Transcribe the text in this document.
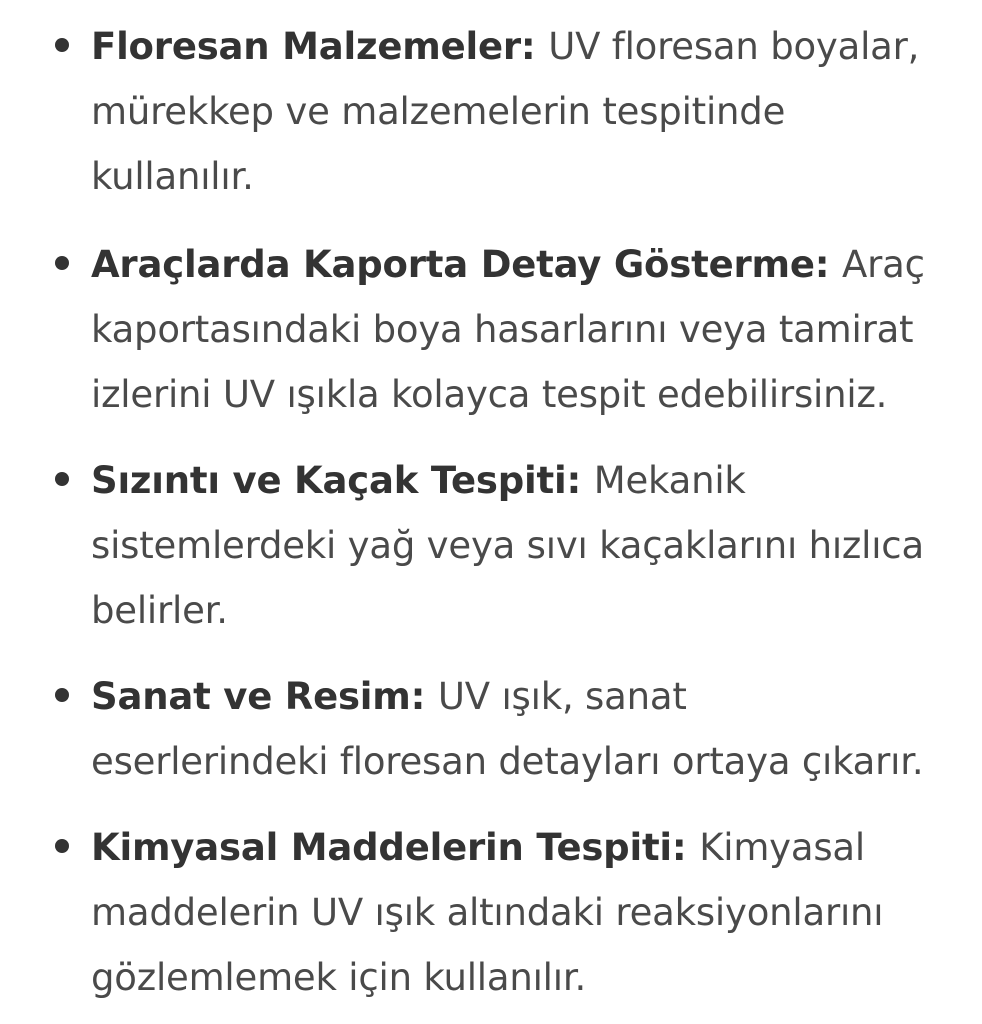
Floresan Malzemeler: UV floresan boyalar, mürekkep ve malzemelerin tespitinde kullanılır.
Araçlarda Kaporta Detay Gösterme: Araç kaportasındaki boya hasarlarını veya tamirat izlerini UV ışıkla kolayca tespit edebilirsiniz.
Sızıntı ve Kaçak Tespiti: Mekanik sistemlerdeki yağ veya sıvı kaçaklarını hızlıca belirler.
Sanat ve Resim: UV ışık, sanat eserlerindeki floresan detayları ortaya çıkarır.
Kimyasal Maddelerin Tespiti: Kimyasal maddelerin UV ışık altındaki reaksiyonlarını gözlemlemek için kullanılır.
